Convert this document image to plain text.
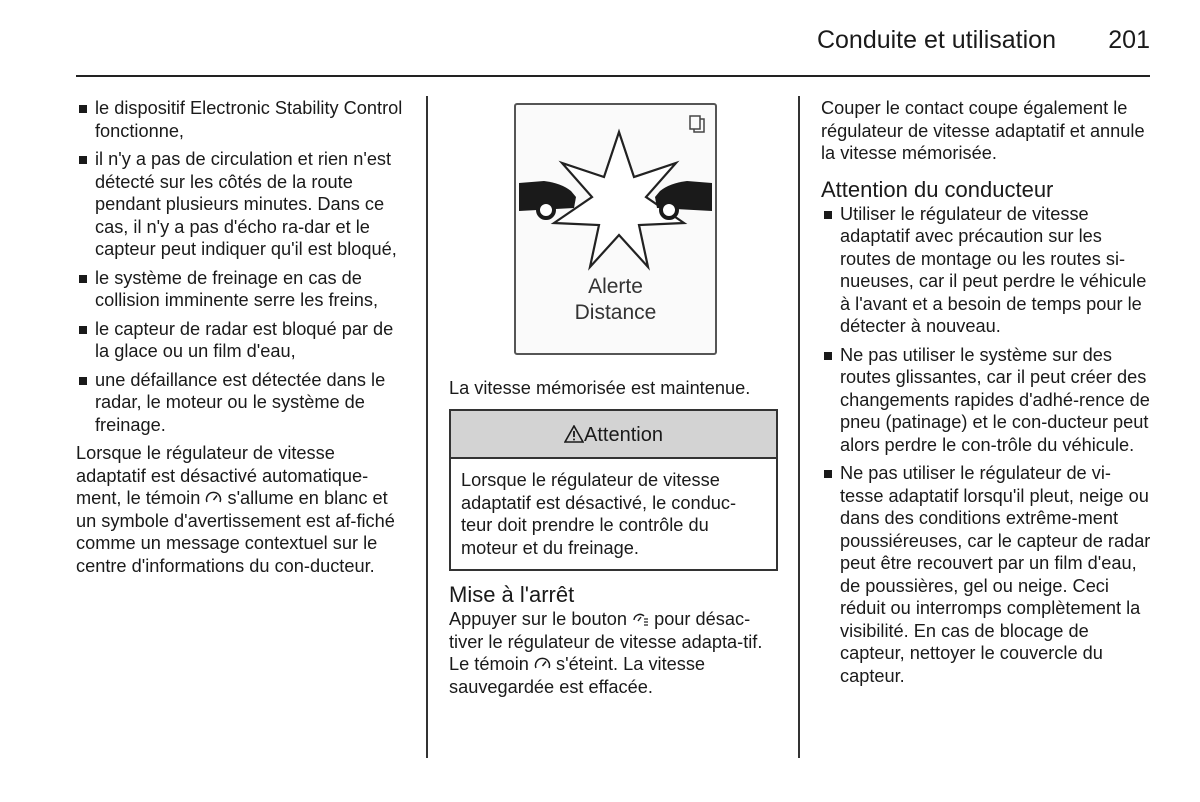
Conduite et utilisation	201
le dispositif Electronic Stability Control fonctionne,
il n'y a pas de circulation et rien n'est détecté sur les côtés de la route pendant plusieurs minutes. Dans ce cas, il n'y a pas d'écho ra-dar et le capteur peut indiquer qu'il est bloqué,
le système de freinage en cas de collision imminente serre les freins,
le capteur de radar est bloqué par de la glace ou un film d'eau,
une défaillance est détectée dans le radar, le moteur ou le système de freinage.

Lorsque le régulateur de vitesse adaptatif est désactivé automatique-ment, le témoin s'allume en blanc et un symbole d'avertissement est af-fiché comme un message contextuel sur le centre d'informations du con-ducteur.

Alerte
Distance

La vitesse mémorisée est maintenue.

Attention
Lorsque le régulateur de vitesse adaptatif est désactivé, le conduc-teur doit prendre le contrôle du moteur et du freinage.

Mise à l'arrêt

Appuyer sur le bouton pour désac-tiver le régulateur de vitesse adapta-tif. Le témoin s'éteint. La vitesse sauvegardée est effacée.

Couper le contact coupe également le régulateur de vitesse adaptatif et annule la vitesse mémorisée.

Attention du conducteur

Utiliser le régulateur de vitesse adaptatif avec précaution sur les routes de montage ou les routes si-nueuses, car il peut perdre le véhicule à l'avant et a besoin de temps pour le détecter à nouveau.
Ne pas utiliser le système sur des routes glissantes, car il peut créer des changements rapides d'adhé-rence de pneu (patinage) et le con-ducteur peut alors perdre le con-trôle du véhicule.
Ne pas utiliser le régulateur de vi-tesse adaptatif lorsqu'il pleut, neige ou dans des conditions extrême-ment poussiéreuses, car le capteur de radar peut être recouvert par un film d'eau, de poussières, gel ou neige. Ceci réduit ou interromps complètement la visibilité. En cas de blocage de capteur, nettoyer le couvercle du capteur.
